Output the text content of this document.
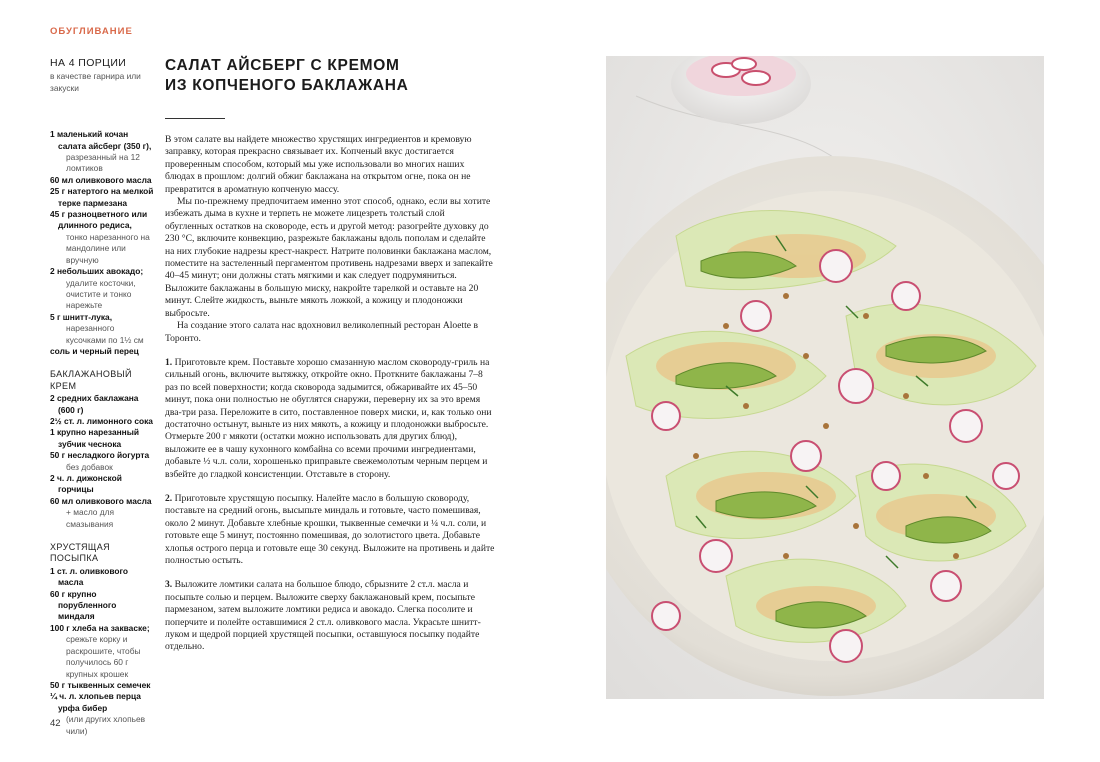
ОБУГЛИВАНИЕ
НА 4 ПОРЦИИ
в качестве гарнира или закуски
1 маленький кочан салата айсберг (350 г),
разрезанный на 12 ломтиков
60 мл оливкового масла
25 г натертого на мелкой терке пармезана
45 г разноцветного или длинного редиса,
тонко нарезанного на мандолине или вручную
2 небольших авокадо;
удалите косточки, очистите и тонко нарежьте
5 г шнитт-лука,
нарезанного кусочками по 1½ см
соль и черный перец
БАКЛАЖАНОВЫЙ КРЕМ
2 средних баклажана (600 г)
2½ ст. л. лимонного сока
1 крупно нарезанный зубчик чеснока
50 г несладкого йогурта
без добавок
2 ч. л. дижонской горчицы
60 мл оливкового масла
+ масло для смазывания
ХРУСТЯЩАЯ ПОСЫПКА
1 ст. л. оливкового масла
60 г крупно порубленного миндаля
100 г хлеба на закваске;
срежьте корку и раскрошите, чтобы получилось 60 г крупных крошек
50 г тыквенных семечек
¼ ч. л. хлопьев перца урфа бибер
(или других хлопьев чили)
САЛАТ АЙСБЕРГ С КРЕМОМ
ИЗ КОПЧЕНОГО БАКЛАЖАНА

В этом салате вы найдете множество хрустящих ингредиентов и кремовую заправку, которая прекрасно связывает их. Копченый вкус достигается проверенным способом, который мы уже использовали во многих наших блюдах в прошлом: долгий обжиг баклажана на открытом огне, пока он не превратится в ароматную копченую массу.

Мы по-прежнему предпочитаем именно этот способ, однако, если вы хотите избежать дыма в кухне и терпеть не можете лицезреть толстый слой обугленных остатков на сковороде, есть и другой метод: разогрейте духовку до 230 °С, включите конвекцию, разрежьте баклажаны вдоль пополам и сделайте на них глубокие надрезы крест-накрест. Натрите половинки баклажана маслом, поместите на застеленный пергаментом противень надрезами вверх и запекайте 40–45 минут; они должны стать мягкими и как следует подрумяниться. Выложите баклажаны в большую миску, накройте тарелкой и оставьте на 20 минут. Слейте жидкость, выньте мякоть ложкой, а кожицу и плодоножки выбросьте.

На создание этого салата нас вдохновил великолепный ресторан Aloette в Торонто.

1. Приготовьте крем. Поставьте хорошо смазанную маслом сковороду-гриль на сильный огонь, включите вытяжку, откройте окно. Проткните баклажаны 7–8 раз по всей поверхности; когда сковорода задымится, обжаривайте их 45–50 минут, пока они полностью не обуглятся снаружи, переверну их за это время два-три раза. Переложите в сито, поставленное поверх миски, и, как только они достаточно остынут, выньте из них мякоть, а кожицу и плодоножки выбросьте. Отмерьте 200 г мякоти (остатки можно использовать для других блюд), выложите ее в чашу кухонного комбайна со всеми прочими ингредиентами, добавьте ½ ч.л. соли, хорошенько приправьте свежемолотым черным перцем и взбейте до гладкой консистенции. Отставьте в сторону.
2. Приготовьте хрустящую посыпку. Налейте масло в большую сковороду, поставьте на средний огонь, высыпьте миндаль и готовьте, часто помешивая, около 2 минут. Добавьте хлебные крошки, тыквенные семечки и ¼ ч.л. соли, и готовьте еще 5 минут, постоянно помешивая, до золотистого цвета. Добавьте хлопья острого перца и готовьте еще 30 секунд. Выложите на противень и дайте полностью остыть.
3. Выложите ломтики салата на большое блюдо, сбрызните 2 ст.л. масла и посыпьте солью и перцем. Выложите сверху баклажановый крем, посыпьте пармезаном, затем выложите ломтики редиса и авокадо. Слегка посолите и поперчите и полейте оставшимися 2 ст.л. оливкового масла. Украсьте шнитт-луком и щедрой порцией хрустящей посыпки, оставшуюся посыпку подайте отдельно.
42
